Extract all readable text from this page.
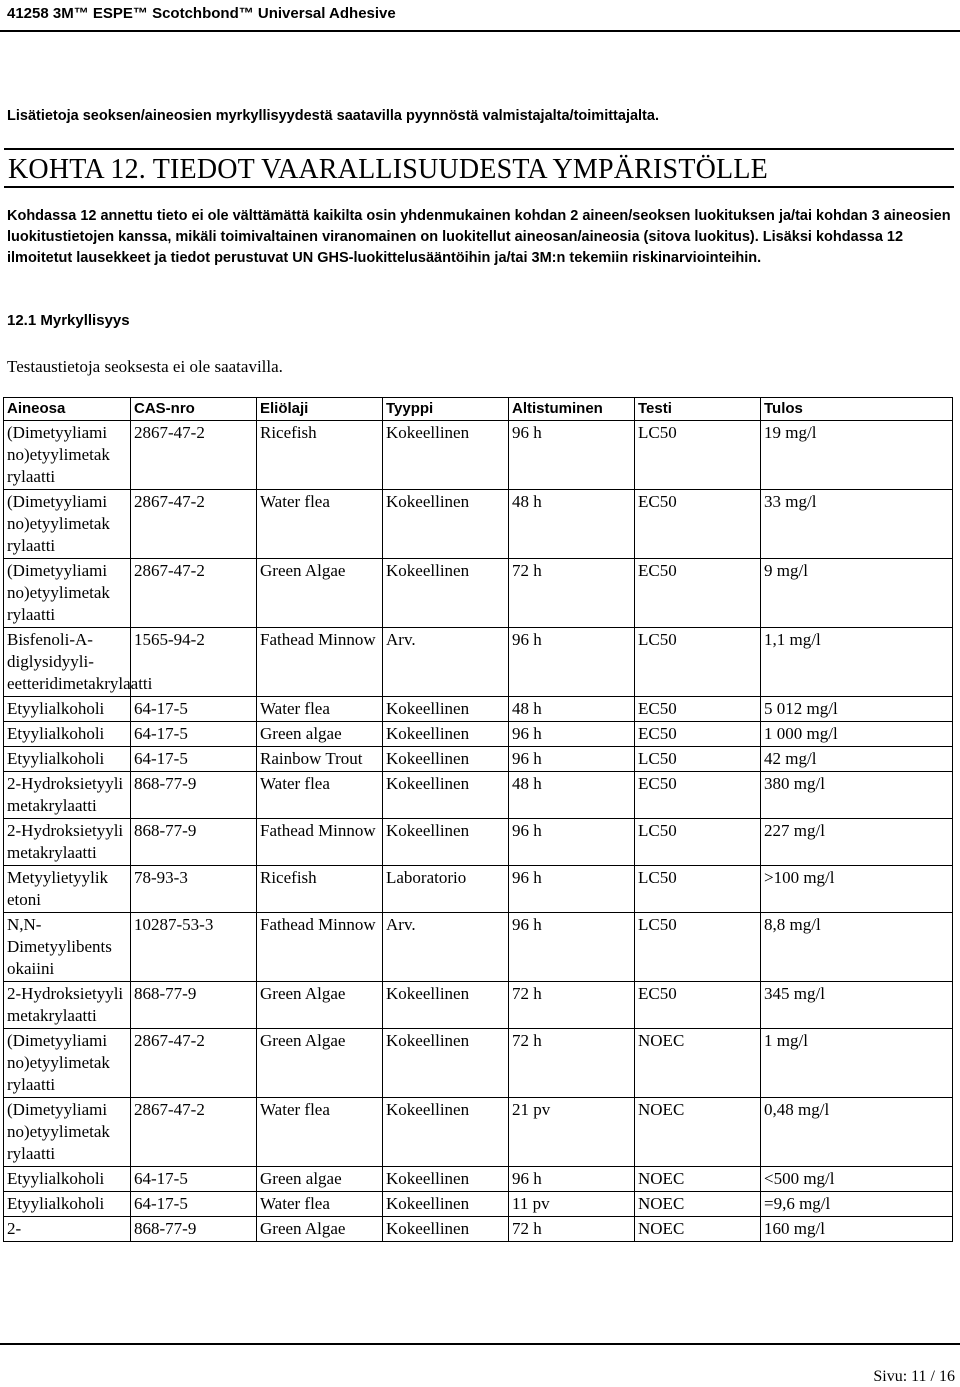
41258 3M™ ESPE™ Scotchbond™ Universal Adhesive
Lisätietoja seoksen/aineosien myrkyllisyydestä saatavilla pyynnöstä valmistajalta/toimittajalta.
KOHTA 12. TIEDOT VAARALLISUUDESTA YMPÄRISTÖLLE
Kohdassa 12 annettu tieto ei ole välttämättä kaikilta osin yhdenmukainen kohdan 2 aineen/seoksen luokituksen ja/tai kohdan 3 aineosien luokitustietojen kanssa, mikäli toimivaltainen viranomainen on luokitellut aineosan/aineosia (sitova luokitus). Lisäksi kohdassa 12 ilmoitetut lausekkeet ja tiedot perustuvat UN GHS-luokittelusääntöihin ja/tai 3M:n tekemiin riskinarviointeihin.
12.1 Myrkyllisyys
Testaustietoja seoksesta ei ole saatavilla.
Aineosa	CAS-nro	Eliölaji	Tyyppi	Altistuminen	Testi	Tulos
(Dimetyyliami no)etyylimetak rylaatti	2867-47-2	Ricefish	Kokeellinen	96 h	LC50	19 mg/l
(Dimetyyliami no)etyylimetak rylaatti	2867-47-2	Water flea	Kokeellinen	48 h	EC50	33 mg/l
(Dimetyyliami no)etyylimetak rylaatti	2867-47-2	Green Algae	Kokeellinen	72 h	EC50	9 mg/l
Bisfenoli-A-diglysidyyli-eetteridimetakrylaatti	1565-94-2	Fathead Minnow	Arv.	96 h	LC50	1,1 mg/l
Etyylialkoholi	64-17-5	Water flea	Kokeellinen	48 h	EC50	5 012 mg/l
Etyylialkoholi	64-17-5	Green algae	Kokeellinen	96 h	EC50	1 000 mg/l
Etyylialkoholi	64-17-5	Rainbow Trout	Kokeellinen	96 h	LC50	42 mg/l
2-Hydroksietyyli metakrylaatti	868-77-9	Water flea	Kokeellinen	48 h	EC50	380 mg/l
2-Hydroksietyyli metakrylaatti	868-77-9	Fathead Minnow	Kokeellinen	96 h	LC50	227 mg/l
Metyylietyylik etoni	78-93-3	Ricefish	Laboratorio	96 h	LC50	>100 mg/l
N,N-Dimetyylibents okaiini	10287-53-3	Fathead Minnow	Arv.	96 h	LC50	8,8 mg/l
2-Hydroksietyyli metakrylaatti	868-77-9	Green Algae	Kokeellinen	72 h	EC50	345 mg/l
(Dimetyyliami no)etyylimetak rylaatti	2867-47-2	Green Algae	Kokeellinen	72 h	NOEC	1 mg/l
(Dimetyyliami no)etyylimetak rylaatti	2867-47-2	Water flea	Kokeellinen	21 pv	NOEC	0,48 mg/l
Etyylialkoholi	64-17-5	Green algae	Kokeellinen	96 h	NOEC	<500 mg/l
Etyylialkoholi	64-17-5	Water flea	Kokeellinen	11 pv	NOEC	=9,6 mg/l
2-	868-77-9	Green Algae	Kokeellinen	72 h	NOEC	160 mg/l
Sivu: 11 / 16
